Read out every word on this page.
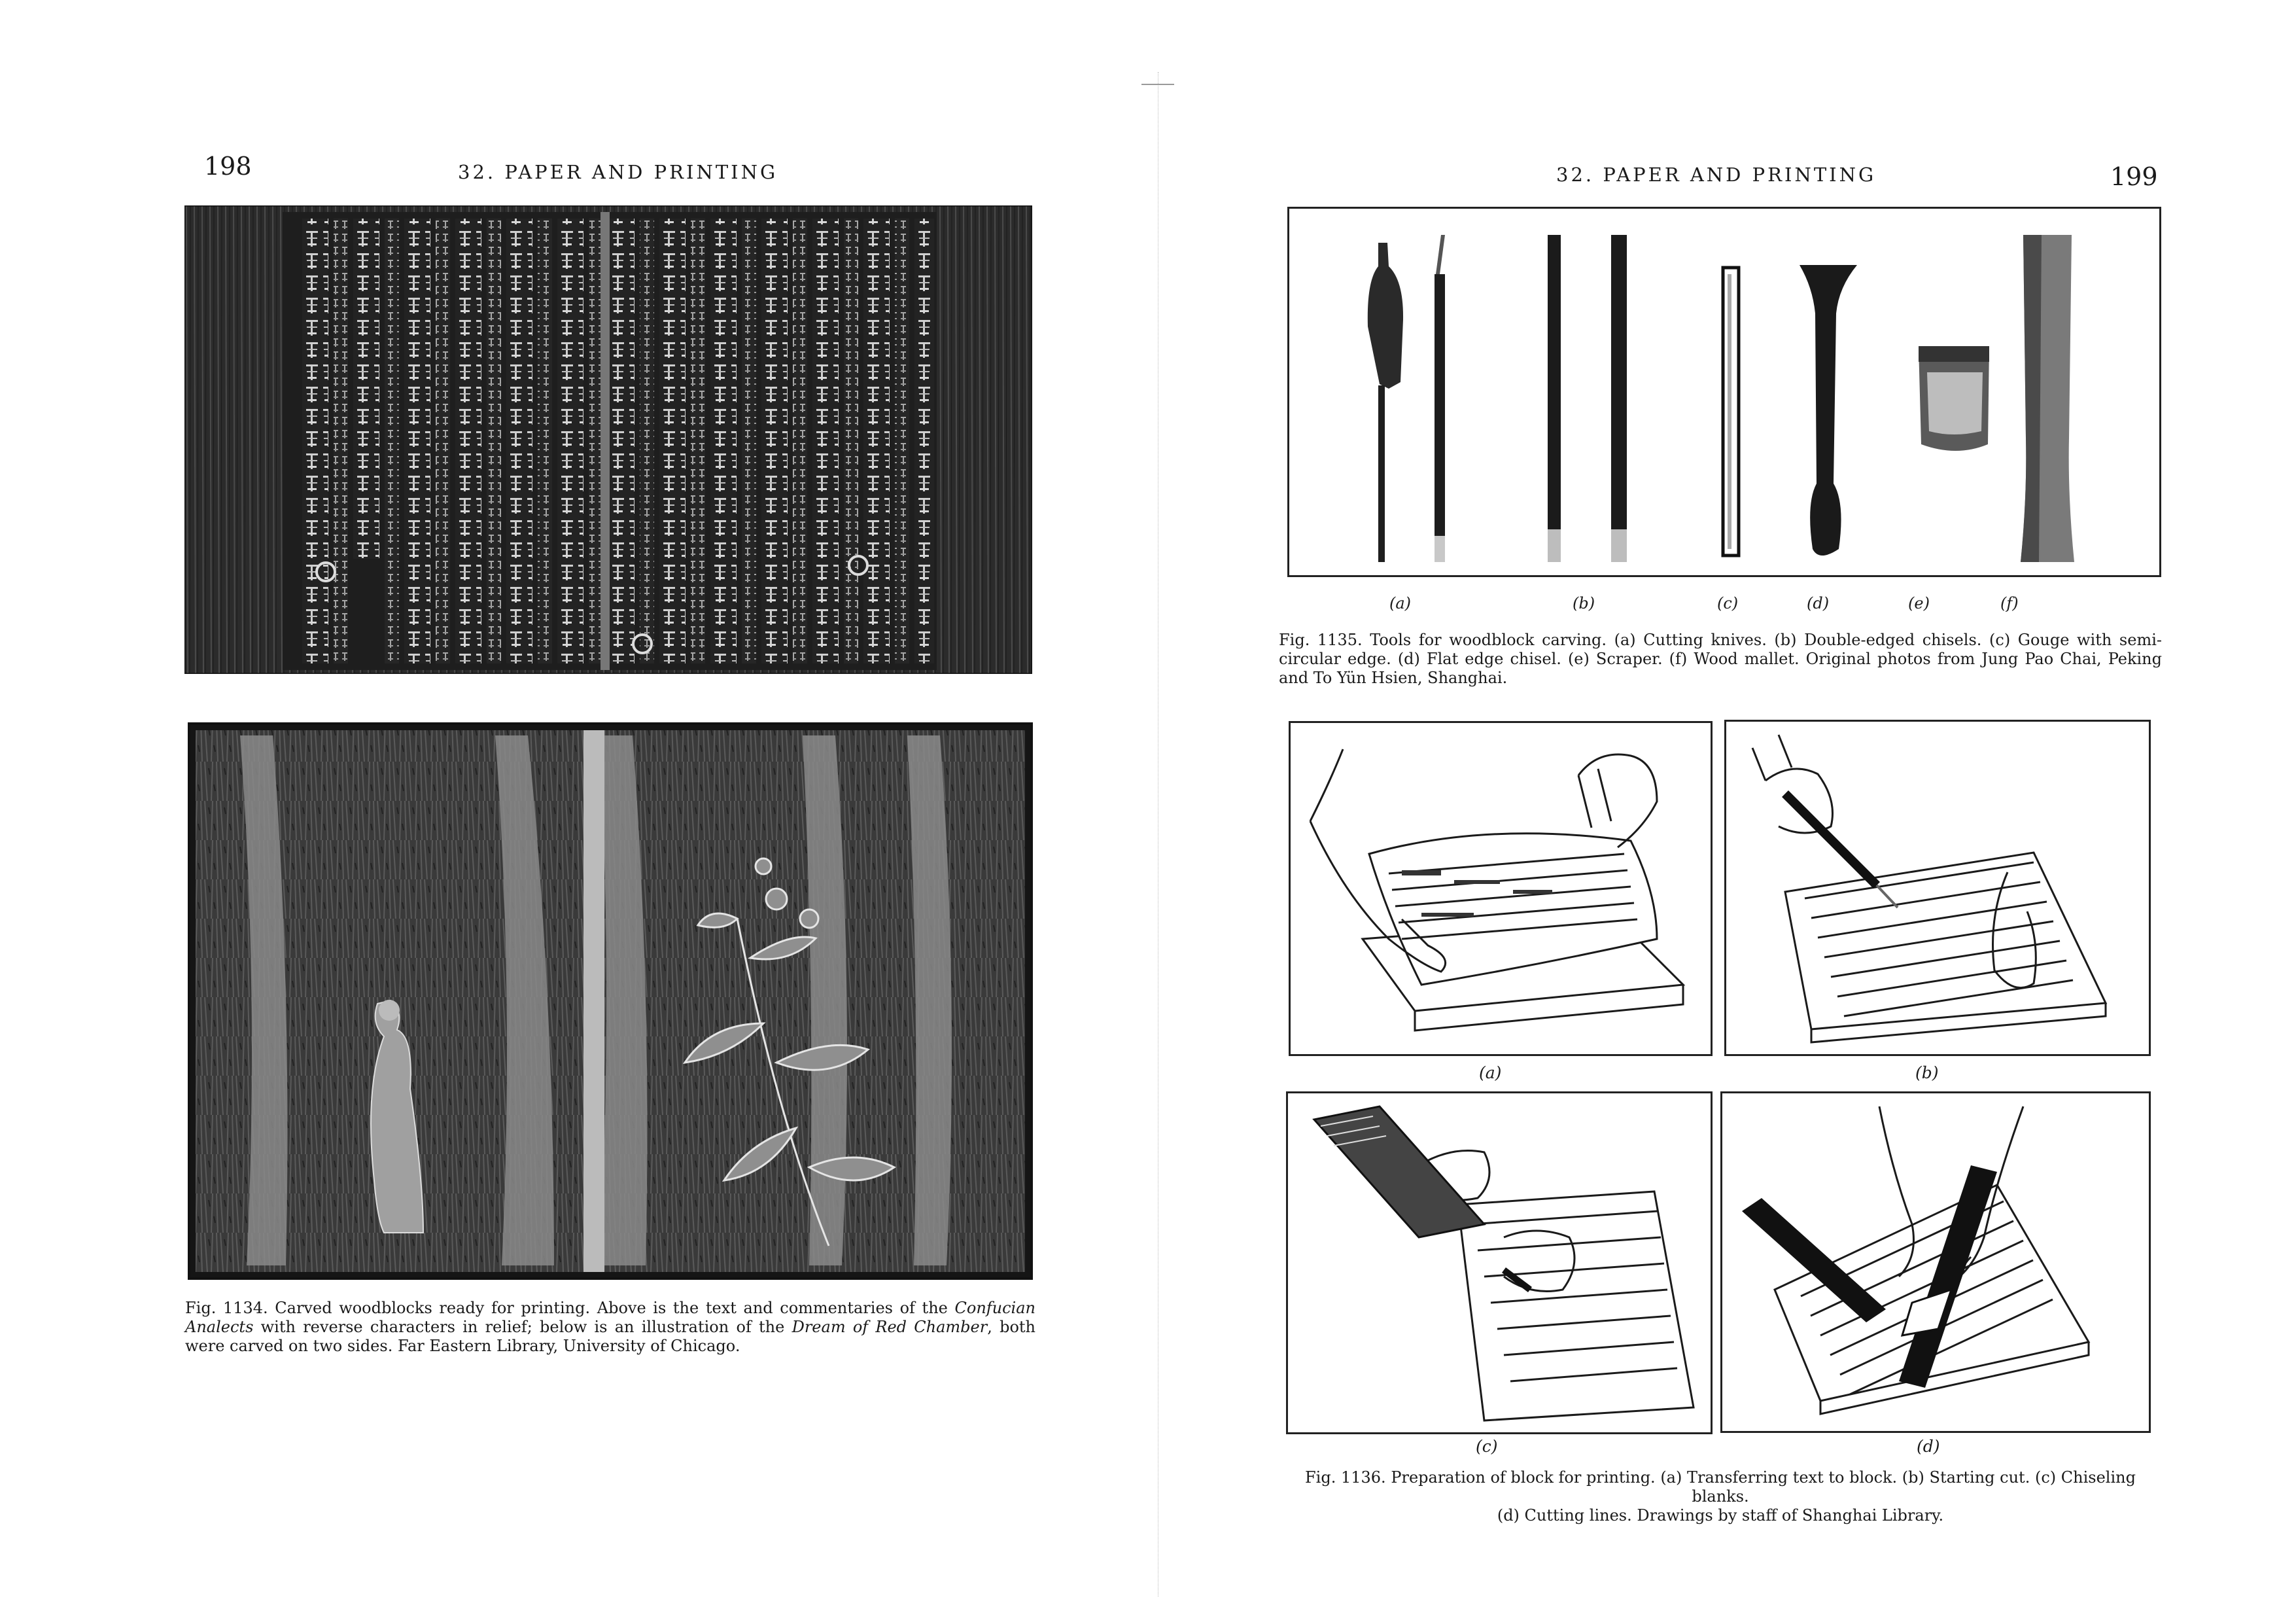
198	32. PAPER AND PRINTING
Fig. 1134. Carved woodblocks ready for printing. Above is the text and commentaries of the Confucian Analects with reverse characters in relief; below is an illustration of the Dream of Red Chamber, both were carved on two sides. Far Eastern Library, University of Chicago.
32. PAPER AND PRINTING	199
(a)	(b)	(c)	(d)	(e)	(f)
Fig. 1135. Tools for woodblock carving. (a) Cutting knives. (b) Double-edged chisels. (c) Gouge with semi-circular edge. (d) Flat edge chisel. (e) Scraper. (f) Wood mallet. Original photos from Jung Pao Chai, Peking and To Yün Hsien, Shanghai.
(a)	(b)
(c)	(d)
Fig. 1136. Preparation of block for printing. (a) Transferring text to block. (b) Starting cut. (c) Chiseling blanks.
(d) Cutting lines. Drawings by staff of Shanghai Library.
